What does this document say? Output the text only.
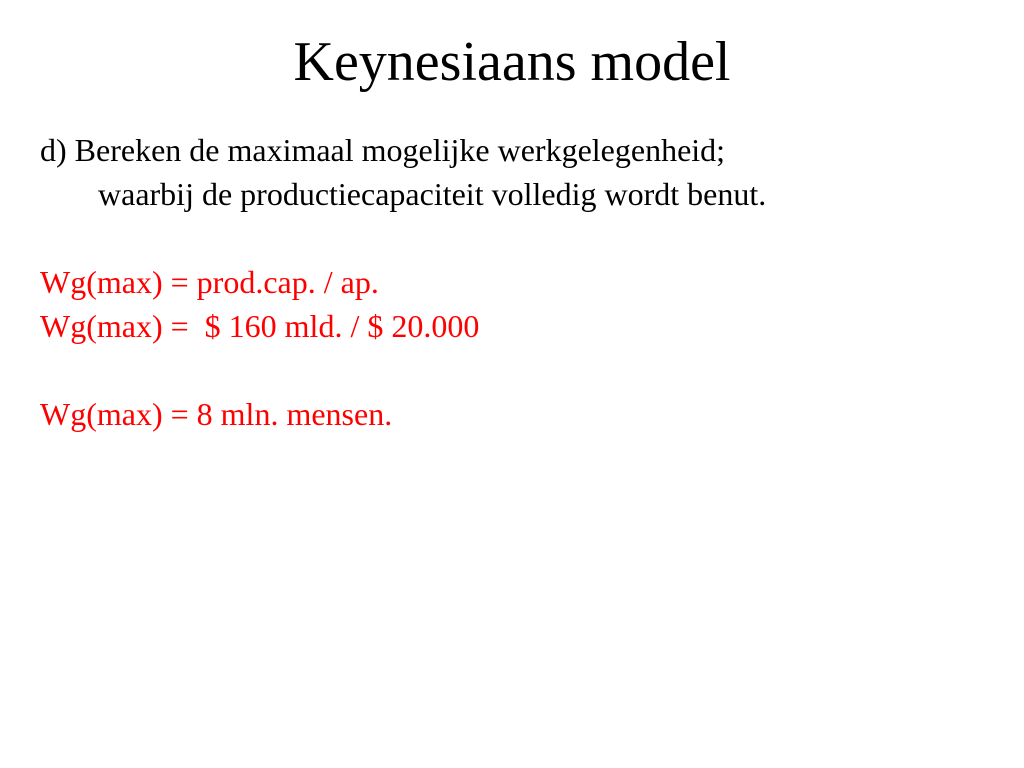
Keynesiaans model
d) Bereken de maximaal mogelijke werkgelegenheid;
waarbij de productiecapaciteit volledig wordt benut.
Wg(max) = prod.cap. / ap.
Wg(max) =  $ 160 mld. / $ 20.000
Wg(max) = 8 mln. mensen.
